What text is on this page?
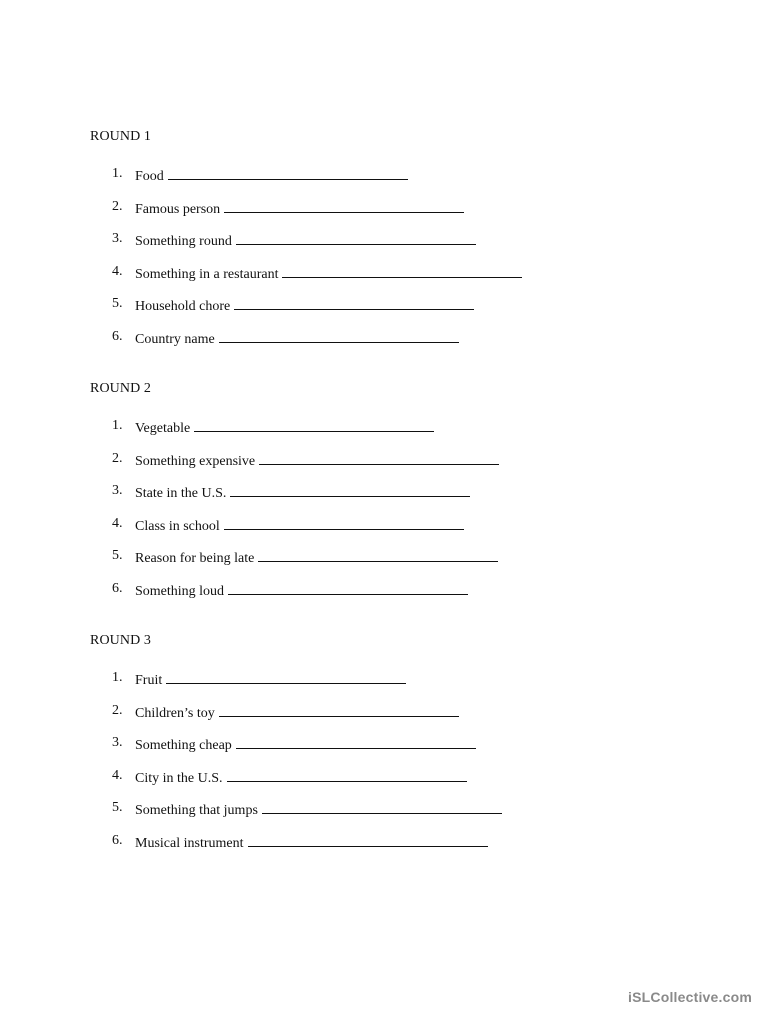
ROUND 1
1. Food
2. Famous person
3. Something round
4. Something in a restaurant
5. Household chore
6. Country name
ROUND 2
1. Vegetable
2. Something expensive
3. State in the U.S.
4. Class in school
5. Reason for being late
6. Something loud
ROUND 3
1. Fruit
2. Children’s toy
3. Something cheap
4. City in the U.S.
5. Something that jumps
6. Musical instrument
iSLCollective.com
